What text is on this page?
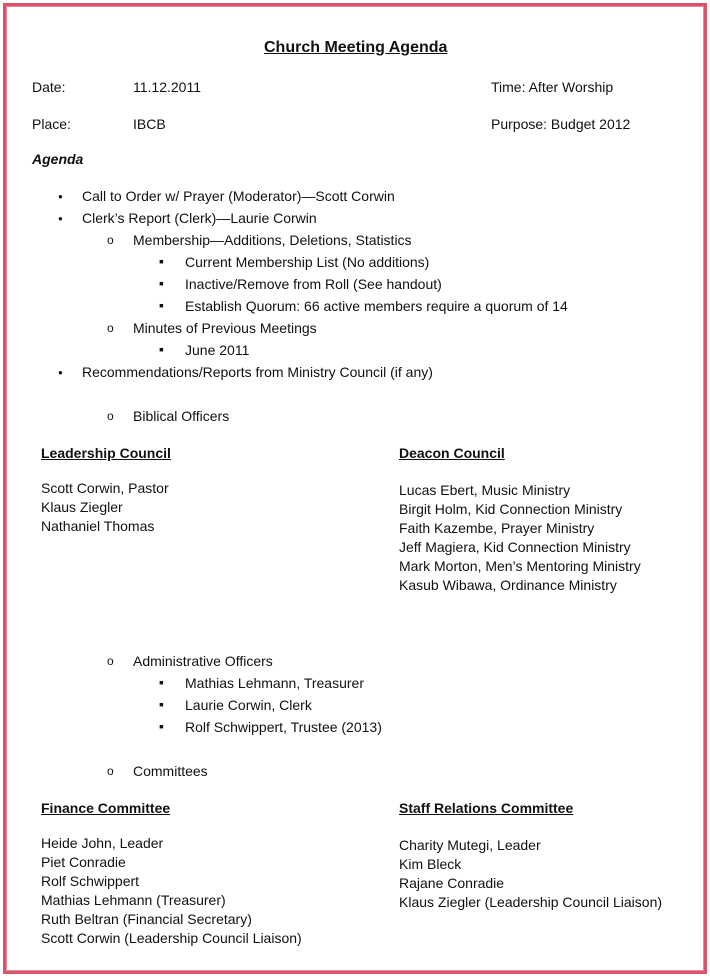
Church Meeting Agenda
Date:	11.12.2011	Time: After Worship
Place:	IBCB	Purpose: Budget 2012
Agenda
● Call to Order w/ Prayer (Moderator)—Scott Corwin
● Clerk’s Report (Clerk)—Laurie Corwin
o Membership—Additions, Deletions, Statistics
▪ Current Membership List (No additions)
▪ Inactive/Remove from Roll (See handout)
▪ Establish Quorum: 66 active members require a quorum of 14
o Minutes of Previous Meetings
▪ June 2011
● Recommendations/Reports from Ministry Council (if any)
o Biblical Officers
Leadership Council
Scott Corwin, Pastor
Klaus Ziegler
Nathaniel Thomas
Deacon Council
Lucas Ebert, Music Ministry
Birgit Holm, Kid Connection Ministry
Faith Kazembe, Prayer Ministry
Jeff Magiera, Kid Connection Ministry
Mark Morton, Men’s Mentoring Ministry
Kasub Wibawa, Ordinance Ministry
o Administrative Officers
▪ Mathias Lehmann, Treasurer
▪ Laurie Corwin, Clerk
▪ Rolf Schwippert, Trustee (2013)
o Committees
Finance Committee
Heide John, Leader
Piet Conradie
Rolf Schwippert
Mathias Lehmann (Treasurer)
Ruth Beltran (Financial Secretary)
Scott Corwin (Leadership Council Liaison)
Staff Relations Committee
Charity Mutegi, Leader
Kim Bleck
Rajane Conradie
Klaus Ziegler (Leadership Council Liaison)
